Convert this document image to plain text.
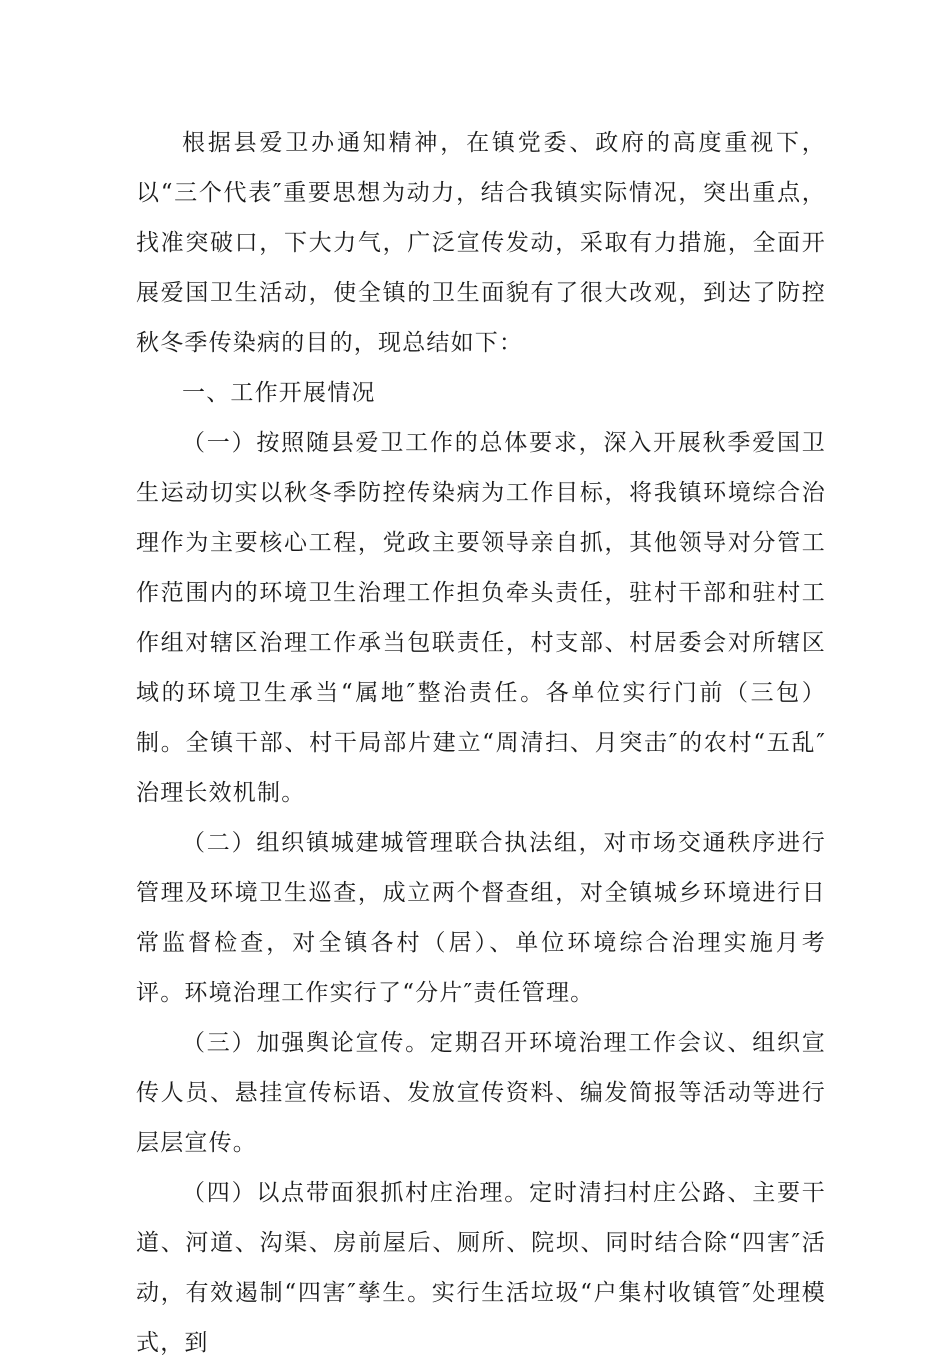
根据县爱卫办通知精神，在镇党委、政府的高度重视下，以“三个代表″重要思想为动力，结合我镇实际情况，突出重点，找准突破口，下大力气，广泛宣传发动，采取有力措施，全面开展爱国卫生活动，使全镇的卫生面貌有了很大改观，到达了防控秋冬季传染病的目的，现总结如下：

一、工作开展情况

（一）按照随县爱卫工作的总体要求，深入开展秋季爱国卫生运动切实以秋冬季防控传染病为工作目标，将我镇环境综合治理作为主要核心工程，党政主要领导亲自抓，其他领导对分管工作范围内的环境卫生治理工作担负牵头责任，驻村干部和驻村工作组对辖区治理工作承当包联责任，村支部、村居委会对所辖区域的环境卫生承当“属地″整治责任。各单位实行门前（三包）制。全镇干部、村干局部片建立“周清扫、月突击″的农村“五乱″治理长效机制。

（二）组织镇城建城管理联合执法组，对市场交通秩序进行管理及环境卫生巡查，成立两个督查组，对全镇城乡环境进行日常监督检查，对全镇各村（居）、单位环境综合治理实施月考评。环境治理工作实行了“分片″责任管理。

（三）加强舆论宣传。定期召开环境治理工作会议、组织宣传人员、悬挂宣传标语、发放宣传资料、编发简报等活动等进行层层宣传。

（四）以点带面狠抓村庄治理。定时清扫村庄公路、主要干道、河道、沟渠、房前屋后、厕所、院坝、同时结合除“四害″活动，有效遏制“四害″孳生。实行生活垃圾“户集村收镇管″处理模式，到
